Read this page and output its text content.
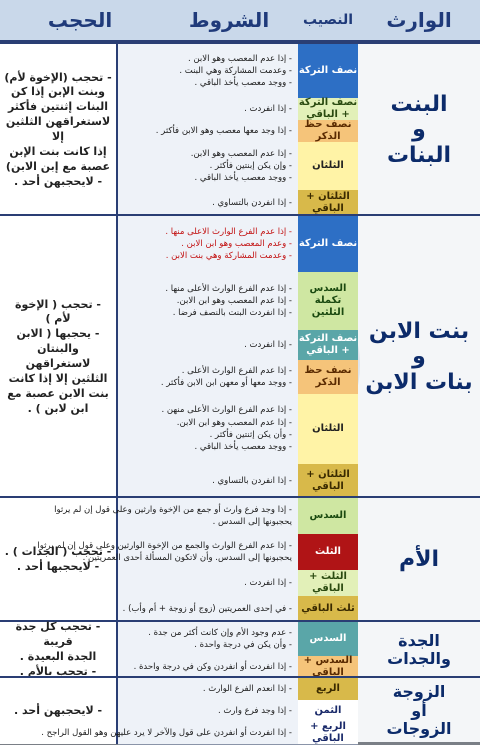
الوارث
النصيب
الشروط
الحجب
البنت
و
البنات
- تحجب (الإخوة لأم)
وبنت الإبن إذا كن
البنات إثنتين فأكثر
لاستغراقهن الثلثين إلا
إذا كانت بنت الإبن
عصبة مع إبن الابن)
- لايحجبهن أحد .
نصف التركة
- إذا عدم المعصب وهو الابن .
- وعدمت المشاركة وهي البنت .
- ووجد معصب يأخذ الباقي .
نصف التركة + الباقي
- إذا انفردت .
نصف حظ الذكر
- إذا وجد معها معصب وهو الابن فأكثر .
الثلثان
- إذا عدم المعصب وهو الابن.
- وإن يكن إبنتين فأكثر .
- ووجد معصب يأخذ الباقي .
الثلثان + الباقي
- إذا انفردن بالتساوي .
بنت الابن
و
بنات الابن
- تحجب ( الإخوة
لأم )
- يحجبها ( الابن
والبنتان لاستغراقهن
الثلثين إلا إذا كانت
بنت الابن عصبة مع
ابن لابن ) .
نصف التركة
- إذا عدم الفرع الوارث الاعلى منها .
- وعدم المعصب وهو ابن الابن .
- وعدمت المشاركة وهي بنت الابن .
السدس
تكملة الثلثين
- إذا عدم الفرع الوارث الأعلى منها .
- إذا عدم المعصب وهو ابن الابن.
- إذا انفردت البنت بالنصف فرضا .
نصف التركة + الباقي
- إذا انفردت .
نصف حظ الذكر
- إذا عدم الفرع الوارث الأعلى .
- ووجد معها أو معهن ابن الابن فأكثر .
الثلثان
- إذا عدم الفرع الوارث الأعلى منهن .
- إذا عدم المعصب وهو ابن الابن.
- وأن يكن إثنتين فأكثر .
- ووجد معصب يأخذ الباقي .
الثلثان + الباقي
- إذا انفردن بالتساوي .
الأم
- تحجب ( الجدات ) .
- لايحجبها أحد .
السدس
- إذا وجد فرع وارث أو جمع من الإخوة وارثين وعلى قول إن لم يرثوا
يحجبونها إلى السدس .
الثلث
- إذا عدم الفرع الوارث والجمع من الإخوة الوارثين وعلى قول إن لم يرثوا
يحجبونها إلى السدس. وأن لاتكون المسألة أحدى العمريتين .
الثلث + الباقي
- إذا انفردت .
ثلث الباقي
- في إحدى العمريتين (زوج أو زوجة + أم وأب) .
الجدة
والجدات
- تحجب كل جدة قريبة
الجدة البعيدة .
- تحجب بالأم .
السدس
- عدم وجود الأم وإن كانت أكثر من جدة .
- وأن يكن في درجة واحدة .
السدس + الباقي
- إذا انفردت أو انفردن وكن في درجة واحدة .
الزوجة
أو
الزوجات
- لايحجبهن أحد .
الربع
- إذا انعدم الفرع الوارث .
الثمن
- إذا وجد فرع وارث .
الربع + الباقي
- إذا انفردت أو انفردن على قول والآخر لا يرد عليهن وهو القول الراجح .
